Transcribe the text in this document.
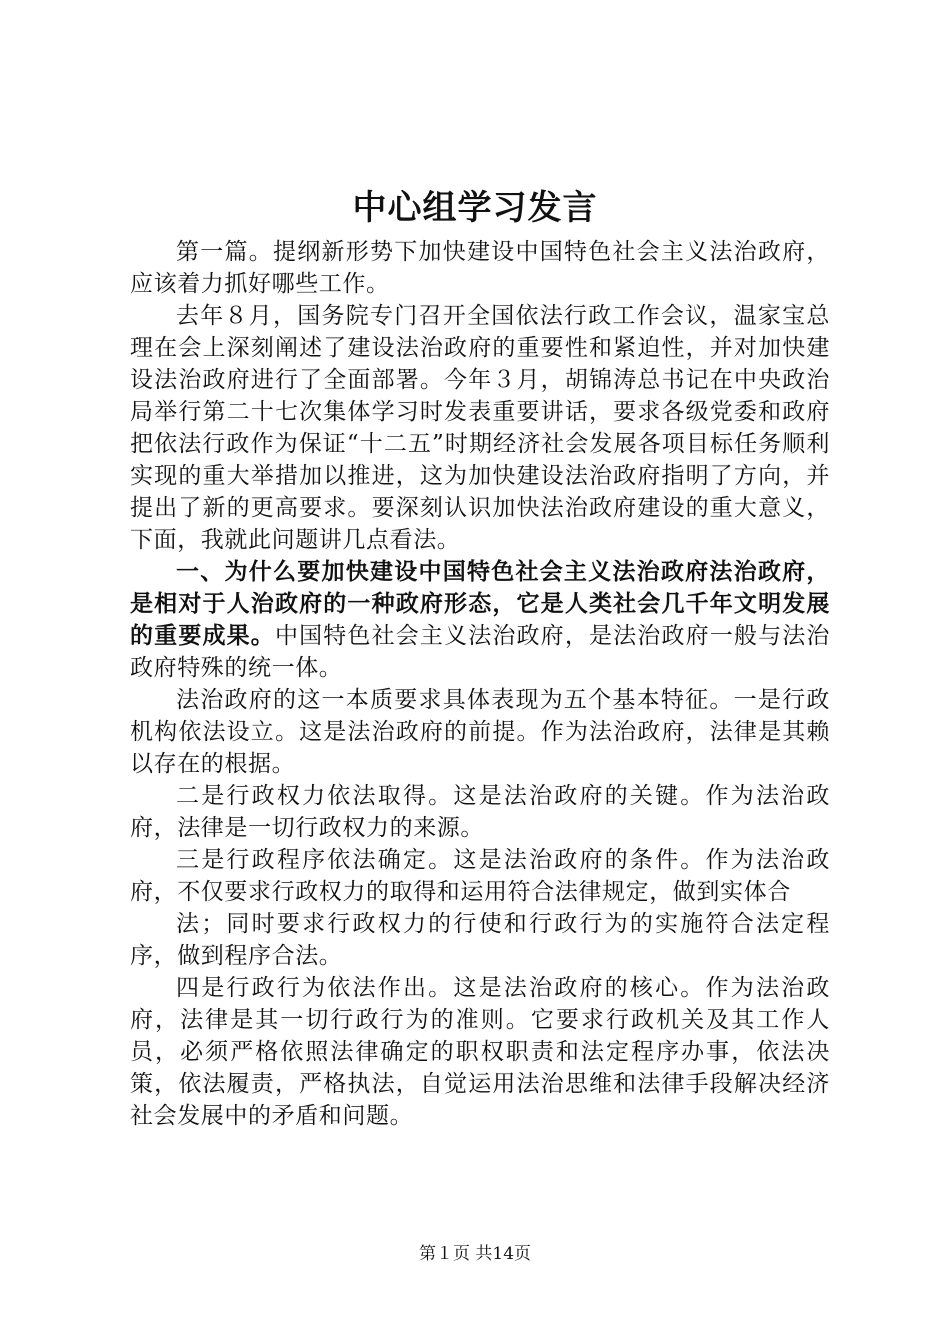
中心组学习发言

第一篇。提纲新形势下加快建设中国特色社会主义法治政府，应该着力抓好哪些工作。

去年８月，国务院专门召开全国依法行政工作会议，温家宝总理在会上深刻阐述了建设法治政府的重要性和紧迫性，并对加快建设法治政府进行了全面部署。今年３月，胡锦涛总书记在中央政治局举行第二十七次集体学习时发表重要讲话，要求各级党委和政府把依法行政作为保证“十二五”时期经济社会发展各项目标任务顺利实现的重大举措加以推进，这为加快建设法治政府指明了方向，并提出了新的更高要求。要深刻认识加快法治政府建设的重大意义，下面，我就此问题讲几点看法。

一、为什么要加快建设中国特色社会主义法治政府法治政府，是相对于人治政府的一种政府形态，它是人类社会几千年文明发展的重要成果。中国特色社会主义法治政府，是法治政府一般与法治政府特殊的统一体。

法治政府的这一本质要求具体表现为五个基本特征。一是行政机构依法设立。这是法治政府的前提。作为法治政府，法律是其赖以存在的根据。

二是行政权力依法取得。这是法治政府的关键。作为法治政府，法律是一切行政权力的来源。

三是行政程序依法确定。这是法治政府的条件。作为法治政府，不仅要求行政权力的取得和运用符合法律规定，做到实体合

法；同时要求行政权力的行使和行政行为的实施符合法定程序，做到程序合法。

四是行政行为依法作出。这是法治政府的核心。作为法治政府，法律是其一切行政行为的准则。它要求行政机关及其工作人员，必须严格依照法律确定的职权职责和法定程序办事，依法决策，依法履责，严格执法，自觉运用法治思维和法律手段解决经济社会发展中的矛盾和问题。

第１页 共14页
